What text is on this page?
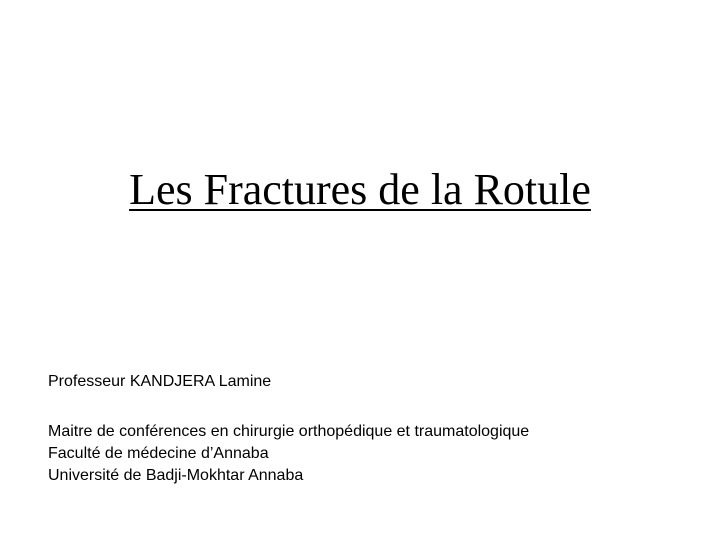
Les Fractures de la Rotule
Professeur KANDJERA Lamine
Maitre de conférences en chirurgie orthopédique et traumatologique
Faculté de médecine d’Annaba
Université de Badji-Mokhtar Annaba
